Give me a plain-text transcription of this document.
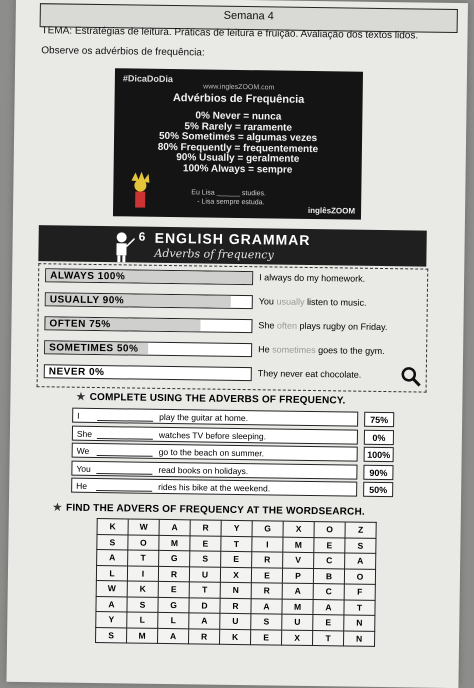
Semana 4
TEMA: Estratégias de leitura. Práticas de leitura e fruição. Avaliação dos textos lidos.
Observe os advérbios de frequência:
#DicaDoDia
www.inglesZOOM.com
Advérbios de Frequência
0% Never = nunca
5% Rarely = raramente
50% Sometimes = algumas vezes
80% Frequently = frequentemente
90% Usually = geralmente
100% Always = sempre
Eu Lisa ______ studies.
- Lisa sempre estuda.
inglêsZOOM
6 ENGLISH GRAMMAR
Adverbs of frequency
ALWAYS 100%	I always do my homework.
USUALLY 90%	You usually listen to music.
OFTEN 75%	She often plays rugby on Friday.
SOMETIMES 50%	He sometimes goes to the gym.
NEVER 0%	They never eat chocolate.
★ COMPLETE USING THE ADVERBS OF FREQUENCY.
I	play the guitar at home.	75%
She	watches TV before sleeping.	0%
We	go to the beach on summer.	100%
You	read books on holidays.	90%
He	rides his bike at the weekend.	50%
★ FIND THE ADVERS OF FREQUENCY AT THE WORDSEARCH.
K	W	A	R	Y	G	X	O	Z
S	O	M	E	T	I	M	E	S
A	T	G	S	E	R	V	C	A
L	I	R	U	X	E	P	B	O
W	K	E	T	N	R	A	C	F
A	S	G	D	R	A	M	A	T
Y	L	L	A	U	S	U	E	N
S	M	A	R	K	E	X	T	N
